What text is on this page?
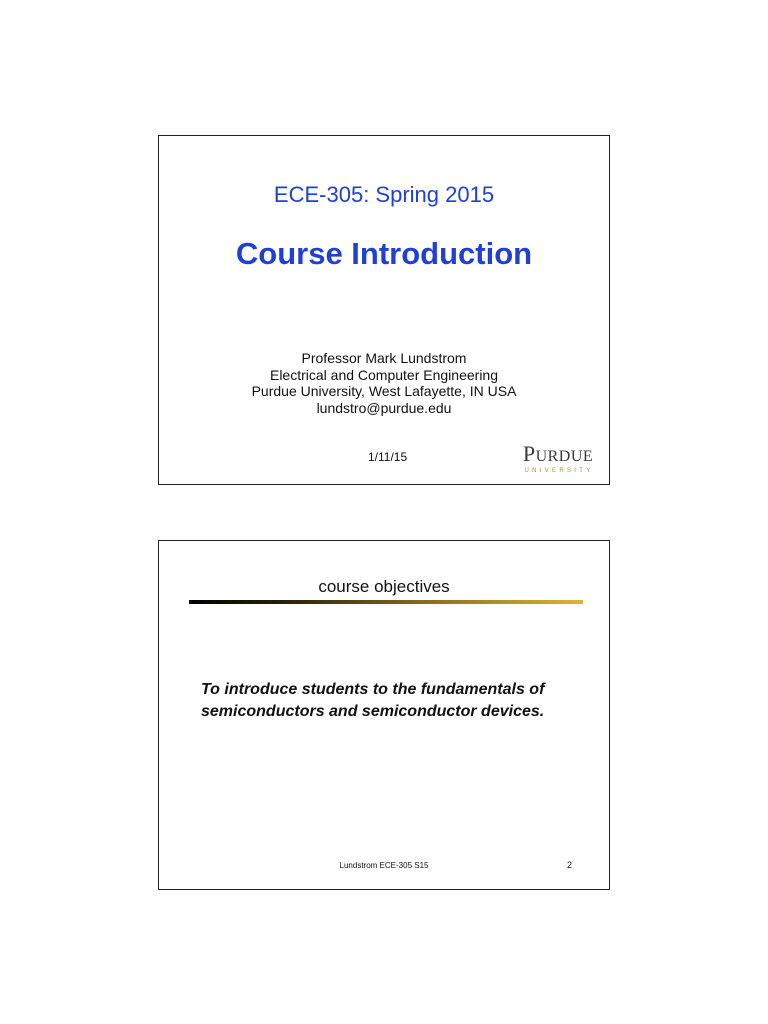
ECE-305: Spring 2015
Course Introduction
Professor Mark Lundstrom
Electrical and Computer Engineering
Purdue University, West Lafayette, IN USA
lundstro@purdue.edu
1/11/15	PURDUE
UNIVERSITY
course objectives
To introduce students to the fundamentals of semiconductors and semiconductor devices.
Lundstrom ECE-305 S15	2
